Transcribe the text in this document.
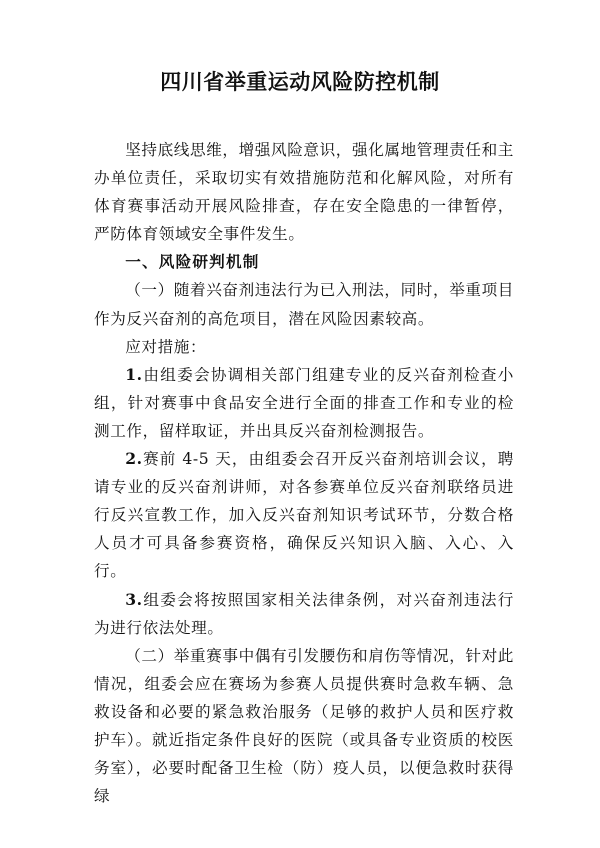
四川省举重运动风险防控机制

坚持底线思维，增强风险意识，强化属地管理责任和主办单位责任，采取切实有效措施防范和化解风险，对所有体育赛事活动开展风险排查，存在安全隐患的一律暂停，严防体育领域安全事件发生。

一、风险研判机制

（一）随着兴奋剂违法行为已入刑法，同时，举重项目作为反兴奋剂的高危项目，潜在风险因素较高。

应对措施：

1.由组委会协调相关部门组建专业的反兴奋剂检查小组，针对赛事中食品安全进行全面的排查工作和专业的检测工作，留样取证，并出具反兴奋剂检测报告。

2.赛前 4-5 天，由组委会召开反兴奋剂培训会议，聘请专业的反兴奋剂讲师，对各参赛单位反兴奋剂联络员进行反兴宣教工作，加入反兴奋剂知识考试环节，分数合格人员才可具备参赛资格，确保反兴知识入脑、入心、入行。

3.组委会将按照国家相关法律条例，对兴奋剂违法行为进行依法处理。

（二）举重赛事中偶有引发腰伤和肩伤等情况，针对此情况，组委会应在赛场为参赛人员提供赛时急救车辆、急救设备和必要的紧急救治服务（足够的救护人员和医疗救护车）。就近指定条件良好的医院（或具备专业资质的校医务室），必要时配备卫生检（防）疫人员，以便急救时获得绿
